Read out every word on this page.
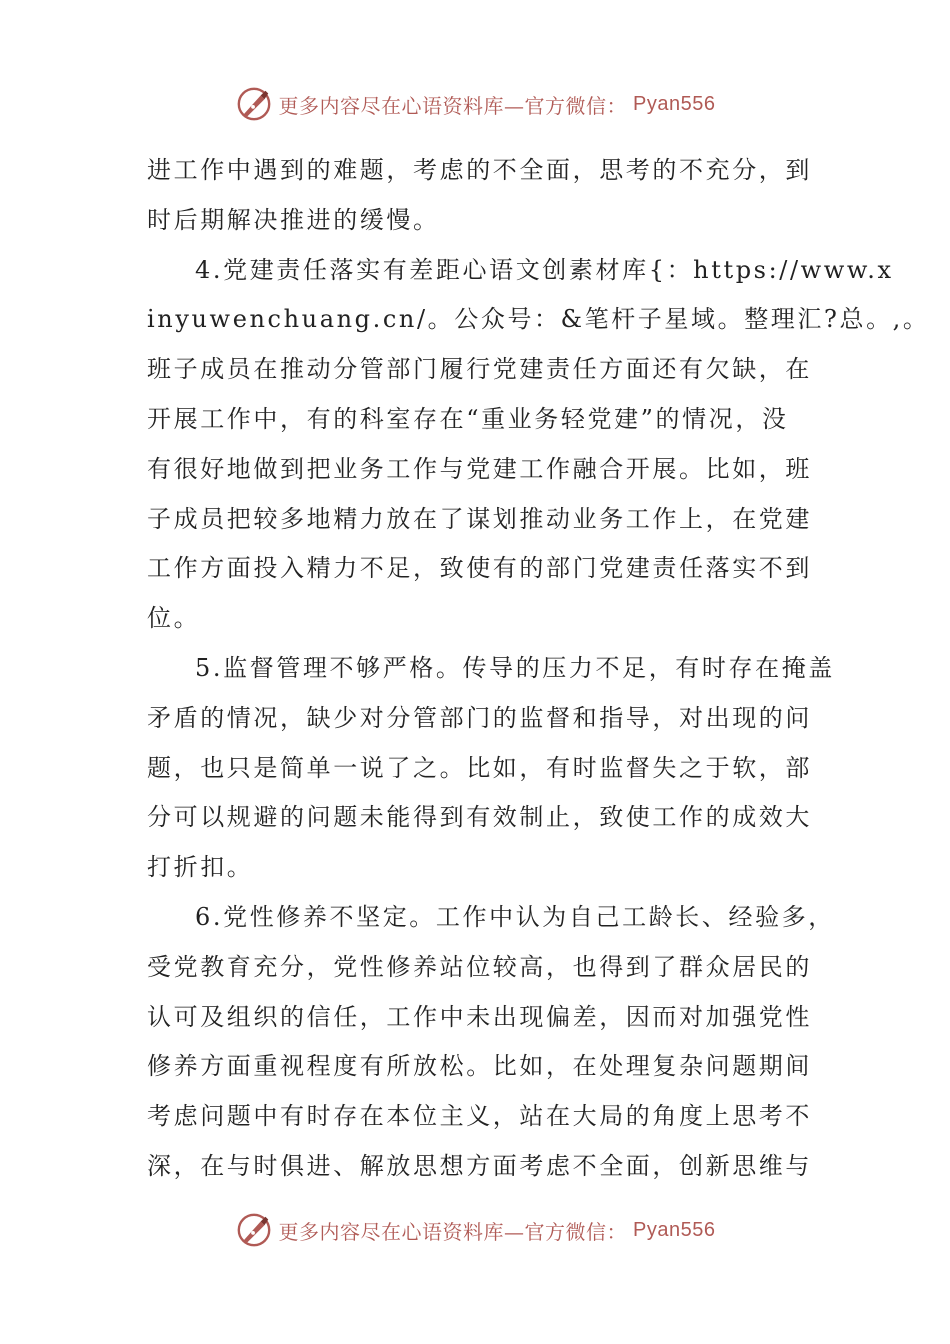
更多内容尽在心语资料库—官方微信： Pyan556
进工作中遇到的难题，考虑的不全面，思考的不充分，到
时后期解决推进的缓慢。
4.党建责任落实有差距心语文创素材库{：https://www.x
inyuwenchuang.cn/。公众号：&笔杆子星域。整理汇?总。,。
班子成员在推动分管部门履行党建责任方面还有欠缺，在
开展工作中，有的科室存在“重业务轻党建”的情况，没
有很好地做到把业务工作与党建工作融合开展。比如，班
子成员把较多地精力放在了谋划推动业务工作上，在党建
工作方面投入精力不足，致使有的部门党建责任落实不到
位。
5.监督管理不够严格。传导的压力不足，有时存在掩盖
矛盾的情况，缺少对分管部门的监督和指导，对出现的问
题，也只是简单一说了之。比如，有时监督失之于软，部
分可以规避的问题未能得到有效制止，致使工作的成效大
打折扣。
6.党性修养不坚定。工作中认为自己工龄长、经验多，
受党教育充分，党性修养站位较高，也得到了群众居民的
认可及组织的信任，工作中未出现偏差，因而对加强党性
修养方面重视程度有所放松。比如，在处理复杂问题期间
考虑问题中有时存在本位主义，站在大局的角度上思考不
深，在与时俱进、解放思想方面考虑不全面，创新思维与
更多内容尽在心语资料库—官方微信： Pyan556
